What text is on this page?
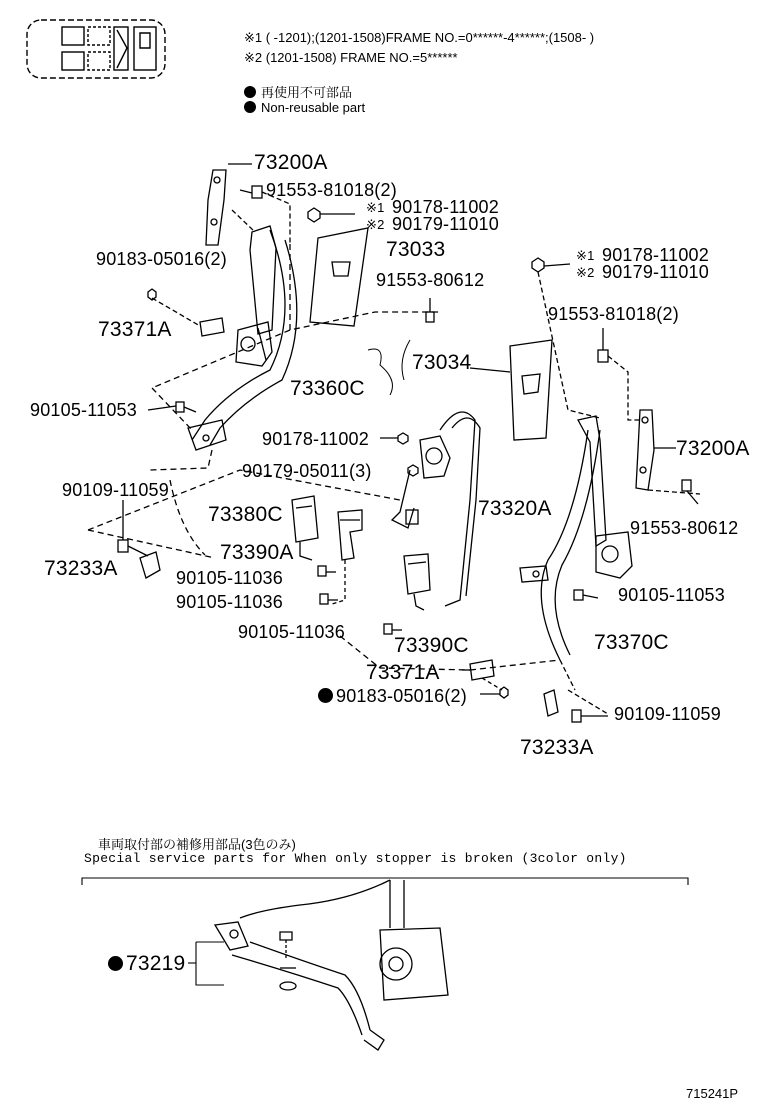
※1 ( -1201);(1201-1508)FRAME NO.=0******-4******;(1508- )
※2 (1201-1508) FRAME NO.=5******
再使用不可部品
Non-reusable part
73200A
91553-81018(2)
※1 90178-11002
※2 90179-11010
73033
90183-05016(2)
91553-80612
73371A
73360C
90105-11053
73034
※1 90178-11002
※2 90179-11010
91553-81018(2)
90178-11002	73200A
90179-05011(3)
90109-11059
73380C	73320A
91553-80612
73390A
73233A	90105-11036
90105-11036	90105-11053
90105-11036
73390C	73370C
73371A
90183-05016(2)
90109-11059
73233A
車両取付部の補修用部品(3色のみ)
Special service parts for When only stopper is broken (3color only)
73219
715241P
